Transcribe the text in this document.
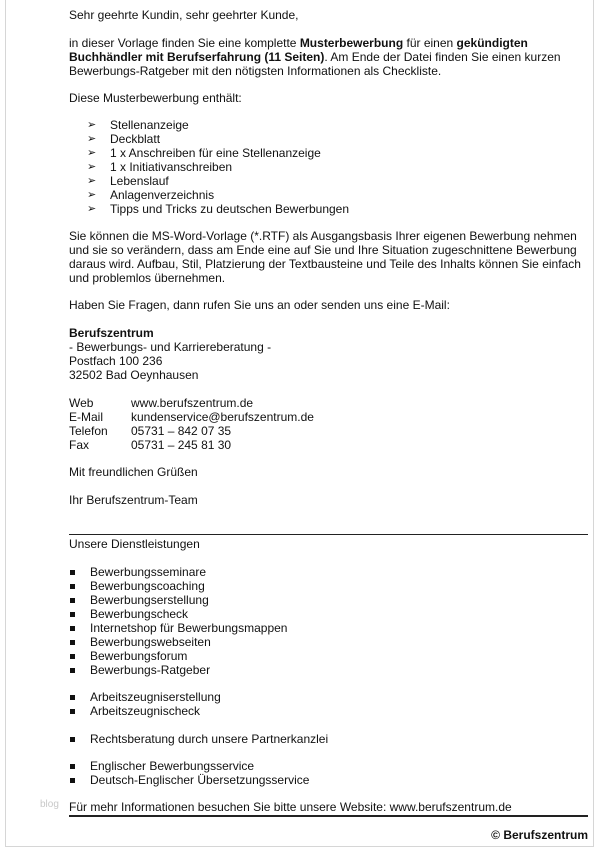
Sehr geehrte Kundin, sehr geehrter Kunde,

in dieser Vorlage finden Sie eine komplette Musterbewerbung für einen gekündigten Buchhändler mit Berufserfahrung (11 Seiten). Am Ende der Datei finden Sie einen kurzen Bewerbungs-Ratgeber mit den nötigsten Informationen als Checkliste.

Diese Musterbewerbung enthält:

➢ Stellenanzeige
➢ Deckblatt
➢ 1 x Anschreiben für eine Stellenanzeige
➢ 1 x Initiativanschreiben
➢ Lebenslauf
➢ Anlagenverzeichnis
➢ Tipps und Tricks zu deutschen Bewerbungen

Sie können die MS-Word-Vorlage (*.RTF) als Ausgangsbasis Ihrer eigenen Bewerbung nehmen und sie so verändern, dass am Ende eine auf Sie und Ihre Situation zugeschnittene Bewerbung daraus wird. Aufbau, Stil, Platzierung der Textbausteine und Teile des Inhalts können Sie einfach und problemlos übernehmen.

Haben Sie Fragen, dann rufen Sie uns an oder senden uns eine E-Mail:

Berufszentrum

- Bewerbungs- und Karriereberatung -

Postfach 100 236

32502 Bad Oeynhausen

Web	www.berufszentrum.de
E-Mail kundenservice@berufszentrum.de
Telefon 05731 – 842 07 35
Fax	05731 – 245 81 30

Mit freundlichen Grüßen

Ihr Berufszentrum-Team

Unsere Dienstleistungen

Bewerbungsseminare
Bewerbungscoaching
Bewerbungserstellung
Bewerbungscheck
Internetshop für Bewerbungsmappen
Bewerbungswebseiten
Bewerbungsforum
Bewerbungs-Ratgeber
Arbeitszeugniserstellung
Arbeitszeugnischeck
Rechtsberatung durch unsere Partnerkanzlei
Englischer Bewerbungsservice
Deutsch-Englischer Übersetzungsservice
blog Für mehr Informationen besuchen Sie bitte unsere Website: www.berufszentrum.de

© Berufszentrum
